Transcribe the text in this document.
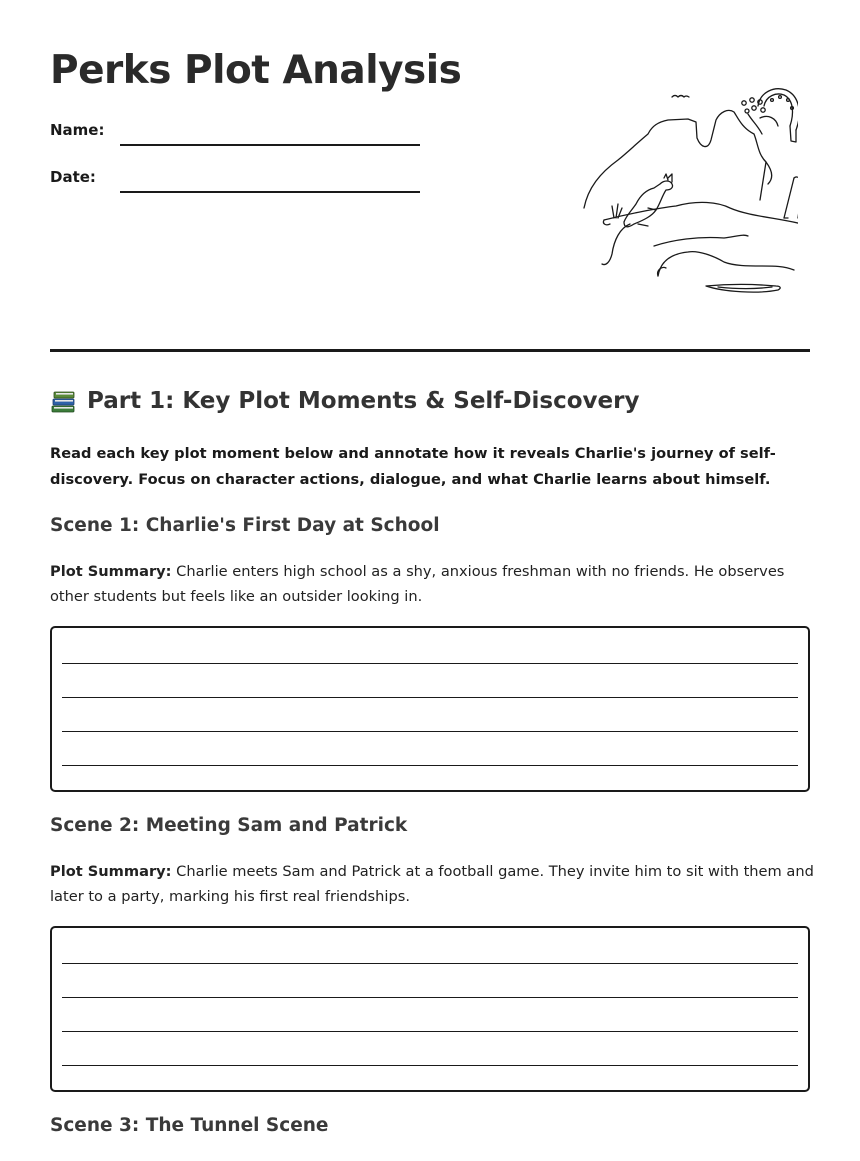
Perks Plot Analysis
Name:
Date:
Part 1: Key Plot Moments & Self-Discovery

Read each key plot moment below and annotate how it reveals Charlie's journey of self-discovery. Focus on character actions, dialogue, and what Charlie learns about himself.

Scene 1: Charlie's First Day at School

Plot Summary: Charlie enters high school as a shy, anxious freshman with no friends. He observes other students but feels like an outsider looking in.

Scene 2: Meeting Sam and Patrick

Plot Summary: Charlie meets Sam and Patrick at a football game. They invite him to sit with them and later to a party, marking his first real friendships.

Scene 3: The Tunnel Scene
